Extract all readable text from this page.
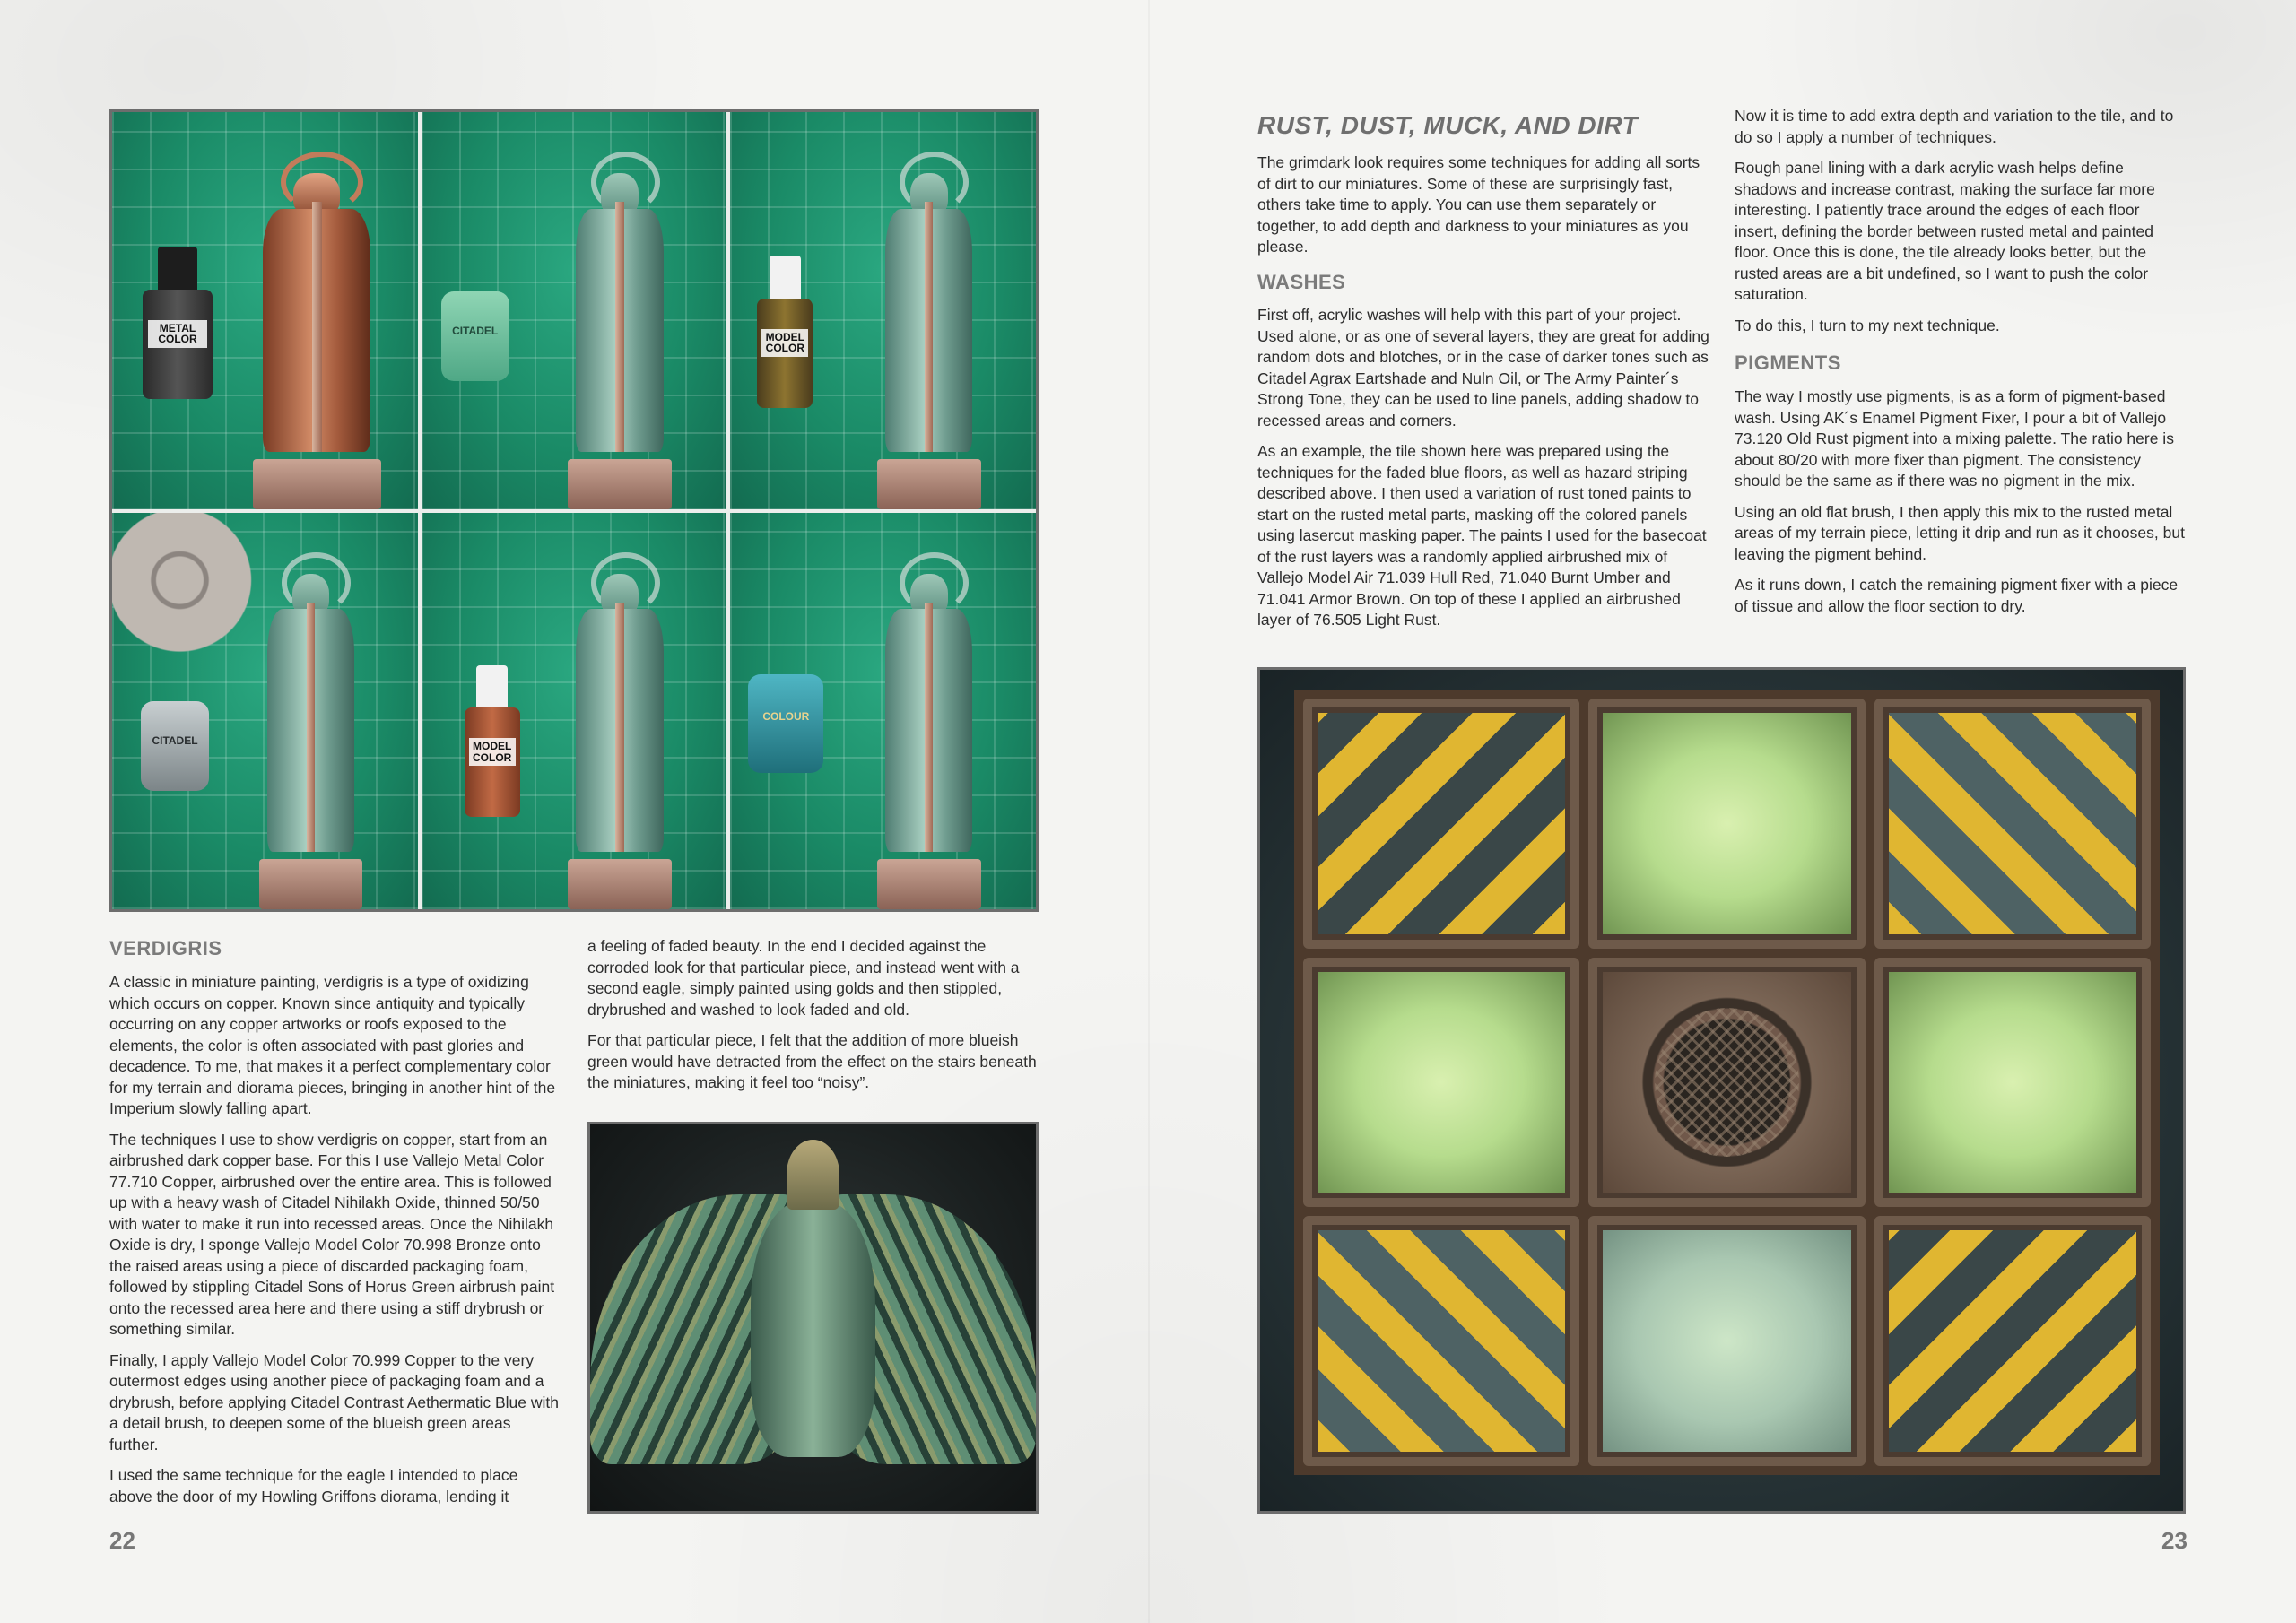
METAL COLOR
CITADEL	MODEL COLOR
CITADEL	MODEL COLOR
COLOUR
VERDIGRIS

A classic in miniature painting, verdigris is a type of oxidizing which occurs on copper. Known since antiquity and typically occurring on any copper artworks or roofs exposed to the elements, the color is often associated with past glories and decadence. To me, that makes it a perfect complementary color for my terrain and diorama pieces, bringing in another hint of the Imperium slowly falling apart.

The techniques I use to show verdigris on copper, start from an airbrushed dark copper base. For this I use Vallejo Metal Color 77.710 Copper, airbrushed over the entire area. This is followed up with a heavy wash of Citadel Nihilakh Oxide, thinned 50/50 with water to make it run into recessed areas. Once the Nihilakh Oxide is dry, I sponge Vallejo Model Color 70.998 Bronze onto the raised areas using a piece of discarded packaging foam, followed by stippling Citadel Sons of Horus Green airbrush paint onto the recessed area here and there using a stiff drybrush or something similar.

Finally, I apply Vallejo Model Color 70.999 Copper to the very outermost edges using another piece of packaging foam and a drybrush, before applying Citadel Contrast Aethermatic Blue with a detail brush, to deepen some of the blueish green areas further.

I used the same technique for the eagle I intended to place above the door of my Howling Griffons diorama, lending it

a feeling of faded beauty. In the end I decided against the corroded look for that particular piece, and instead went with a second eagle, simply painted using golds and then stippled, drybrushed and washed to look faded and old.

For that particular piece, I felt that the addition of more blueish green would have detracted from the effect on the stairs beneath the miniatures, making it feel too “noisy”.

22
RUST, DUST, MUCK, AND DIRT

The grimdark look requires some techniques for adding all sorts of dirt to our miniatures. Some of these are surprisingly fast, others take time to apply. You can use them separately or together, to add depth and darkness to your miniatures as you please.

WASHES

First off, acrylic washes will help with this part of your project. Used alone, or as one of several layers, they are great for adding random dots and blotches, or in the case of darker tones such as Citadel Agrax Eartshade and Nuln Oil, or The Army Painter´s Strong Tone, they can be used to line panels, adding shadow to recessed areas and corners.

As an example, the tile shown here was prepared using the techniques for the faded blue floors, as well as hazard striping described above. I then used a variation of rust toned paints to start on the rusted metal parts, masking off the colored panels using lasercut masking paper. The paints I used for the basecoat of the rust layers was a randomly applied airbrushed mix of Vallejo Model Air 71.039 Hull Red, 71.040 Burnt Umber and 71.041 Armor Brown. On top of these I applied an airbrushed layer of 76.505 Light Rust.

Now it is time to add extra depth and variation to the tile, and to do so I apply a number of techniques.

Rough panel lining with a dark acrylic wash helps define shadows and increase contrast, making the surface far more interesting. I patiently trace around the edges of each floor insert, defining the border between rusted metal and painted floor. Once this is done, the tile already looks better, but the rusted areas are a bit undefined, so I want to push the color saturation.

To do this, I turn to my next technique.

PIGMENTS

The way I mostly use pigments, is as a form of pigment-based wash. Using AK´s Enamel Pigment Fixer, I pour a bit of Vallejo 73.120 Old Rust pigment into a mixing palette. The ratio here is about 80/20 with more fixer than pigment. The consistency should be the same as if there was no pigment in the mix.

Using an old flat brush, I then apply this mix to the rusted metal areas of my terrain piece, letting it drip and run as it chooses, but leaving the pigment behind.

As it runs down, I catch the remaining pigment fixer with a piece of tissue and allow the floor section to dry.

23
